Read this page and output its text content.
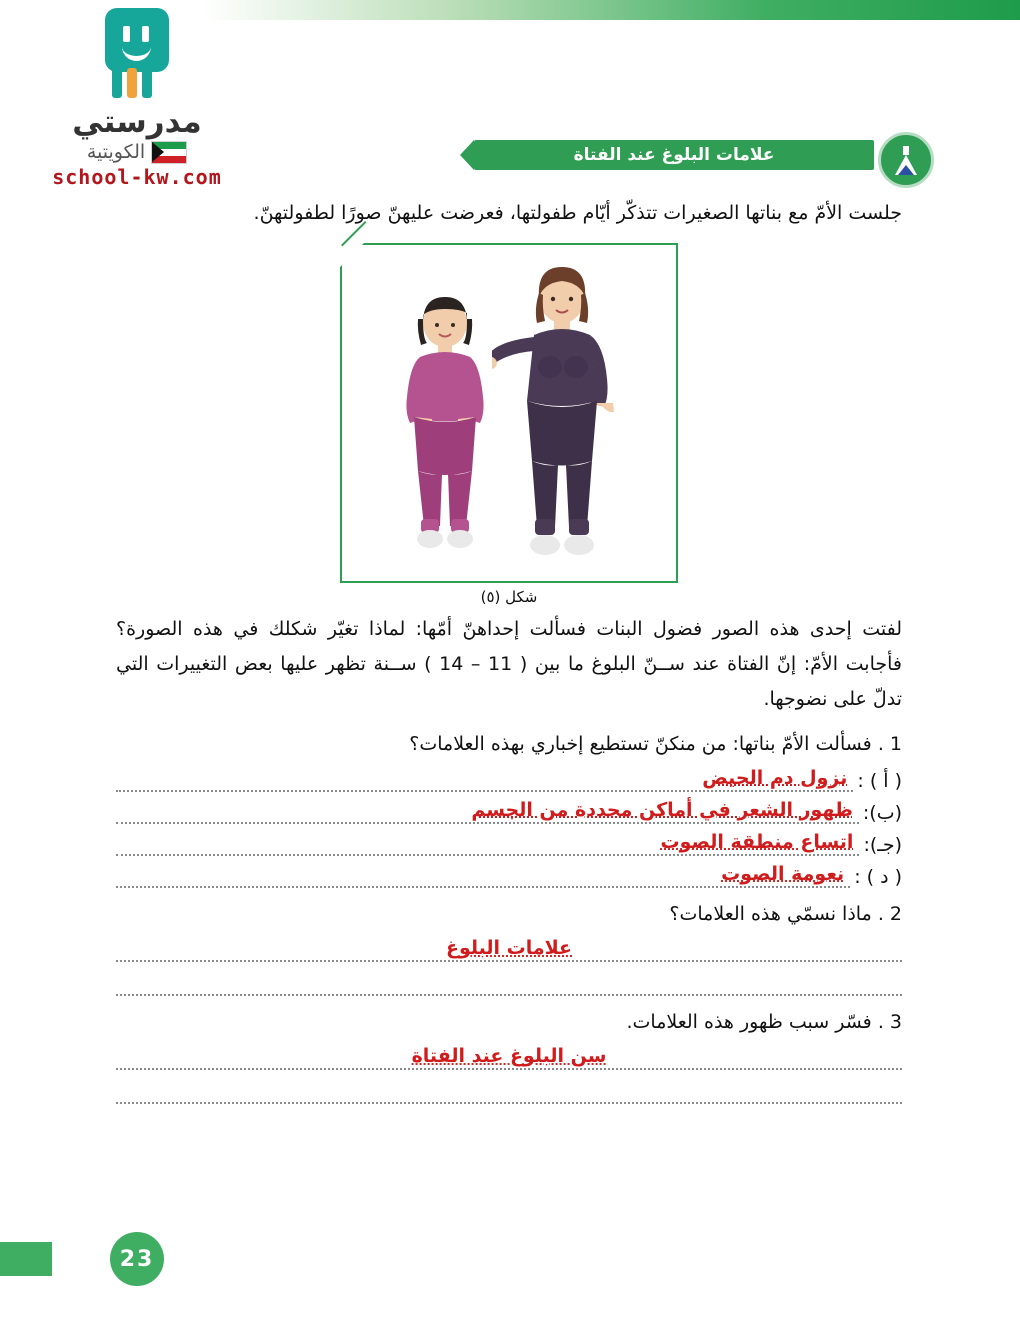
مدرستي
الكويتية
school-kw.com
علامات البلوغ عند الفتاة

جلست الأمّ مع بناتها الصغيرات تتذكّر أيّام طفولتها، فعرضت عليهنّ صورًا لطفولتهنّ.

شكل (٥)

لفتت إحدى هذه الصور فضول البنات فسألت إحداهنّ أمّها: لماذا تغيّر شكلك في هذه الصورة؟ فأجابت الأمّ: إنّ الفتاة عند ســنّ البلوغ ما بين ( 11 – 14 ) ســنة تظهر عليها بعض التغييرات التي تدلّ على نضوجها.

1 . فسألت الأمّ بناتها: من منكنّ تستطيع إخباري بهذه العلامات؟
( أ ) :
نزول دم الحيض
(ب):
ظهور الشعر في أماكن محددة من الجسم
(جـ):
اتساع منطقة الصوت
( د ) :
نعومة الصوت
2 . ماذا نسمّي هذه العلامات؟
علامات البلوغ
3 . فسّر سبب ظهور هذه العلامات.
سن البلوغ عند الفتاة
23
